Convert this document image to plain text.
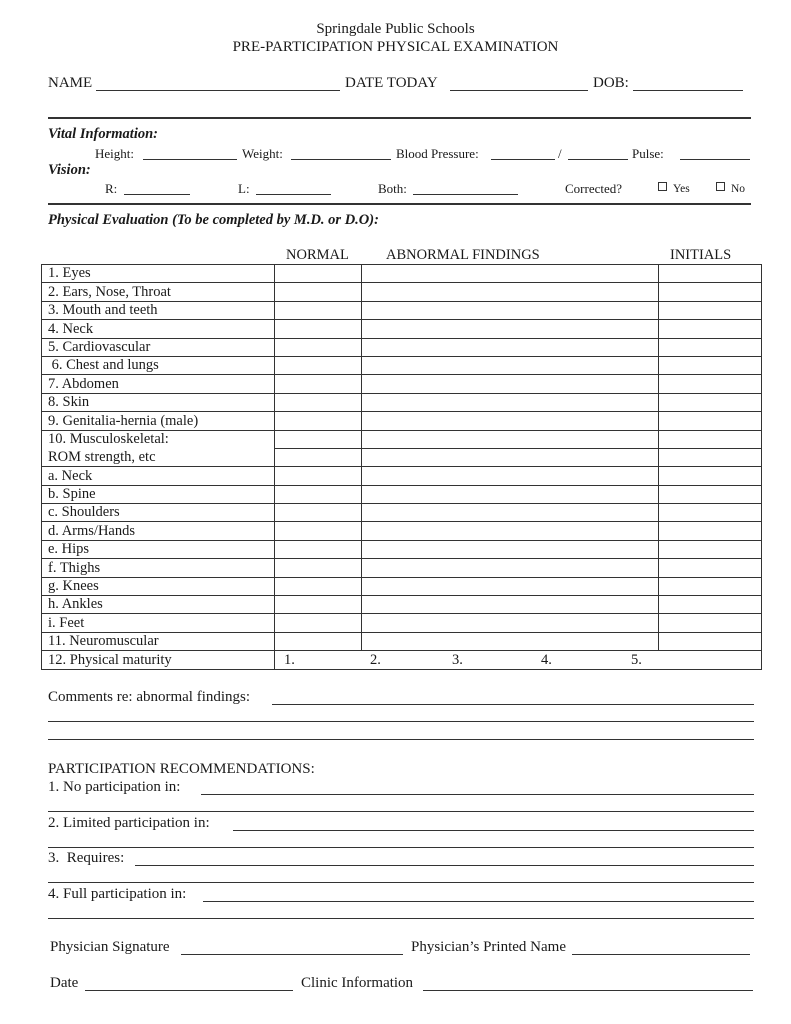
Springdale Public Schools
PRE-PARTICIPATION PHYSICAL EXAMINATION
NAME	DATE TODAY	DOB:
Vital Information:
Height:	Weight:	Blood Pressure:	/	Pulse:
Vision:
R:	L:	Both:	Corrected?	Yes	No
Physical Evaluation (To be completed by M.D. or D.O):
NORMAL	ABNORMAL FINDINGS	INITIALS
1. Eyes			
2. Ears, Nose, Throat			
3. Mouth and teeth			
4. Neck			
5. Cardiovascular			
6. Chest and lungs			
7. Abdomen			
8. Skin			
9. Genitalia-hernia (male)			
10. Musculoskeletal:			
ROM strength, etc			
a. Neck			
b. Spine			
c. Shoulders			
d. Arms/Hands			
e. Hips			
f. Thighs			
g. Knees			
h. Ankles			
i. Feet			
11. Neuromuscular			
12. Physical maturity				1.	2.	3.	4.	5.
Comments re: abnormal findings:
PARTICIPATION RECOMMENDATIONS:
1. No participation in:
2. Limited participation in:
3.  Requires:
4. Full participation in:
Physician Signature	Physician’s Printed Name
Date	Clinic Information
